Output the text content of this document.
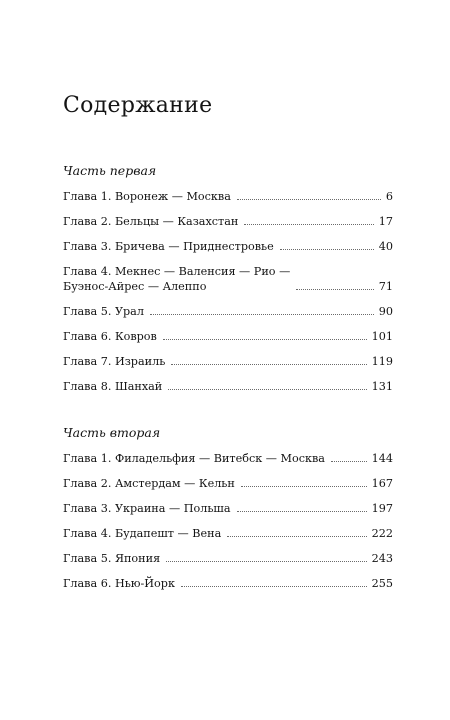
Содержание
Часть первая
Глава 1. Воронеж — Москва	6
Глава 2. Бельцы — Казахстан	17
Глава 3. Бричева — Приднестровье	40
Глава 4. Мекнес — Валенсия — Рио —
Буэнос-Айрес — Алеппо	71
Глава 5. Урал	90
Глава 6. Ковров	101
Глава 7. Израиль	119
Глава 8. Шанхай	131
Часть вторая
Глава 1. Филадельфия — Витебск — Москва	144
Глава 2. Амстердам — Кельн	167
Глава 3. Украина — Польша	197
Глава 4. Будапешт — Вена	222
Глава 5. Япония	243
Глава 6. Нью-Йорк	255
